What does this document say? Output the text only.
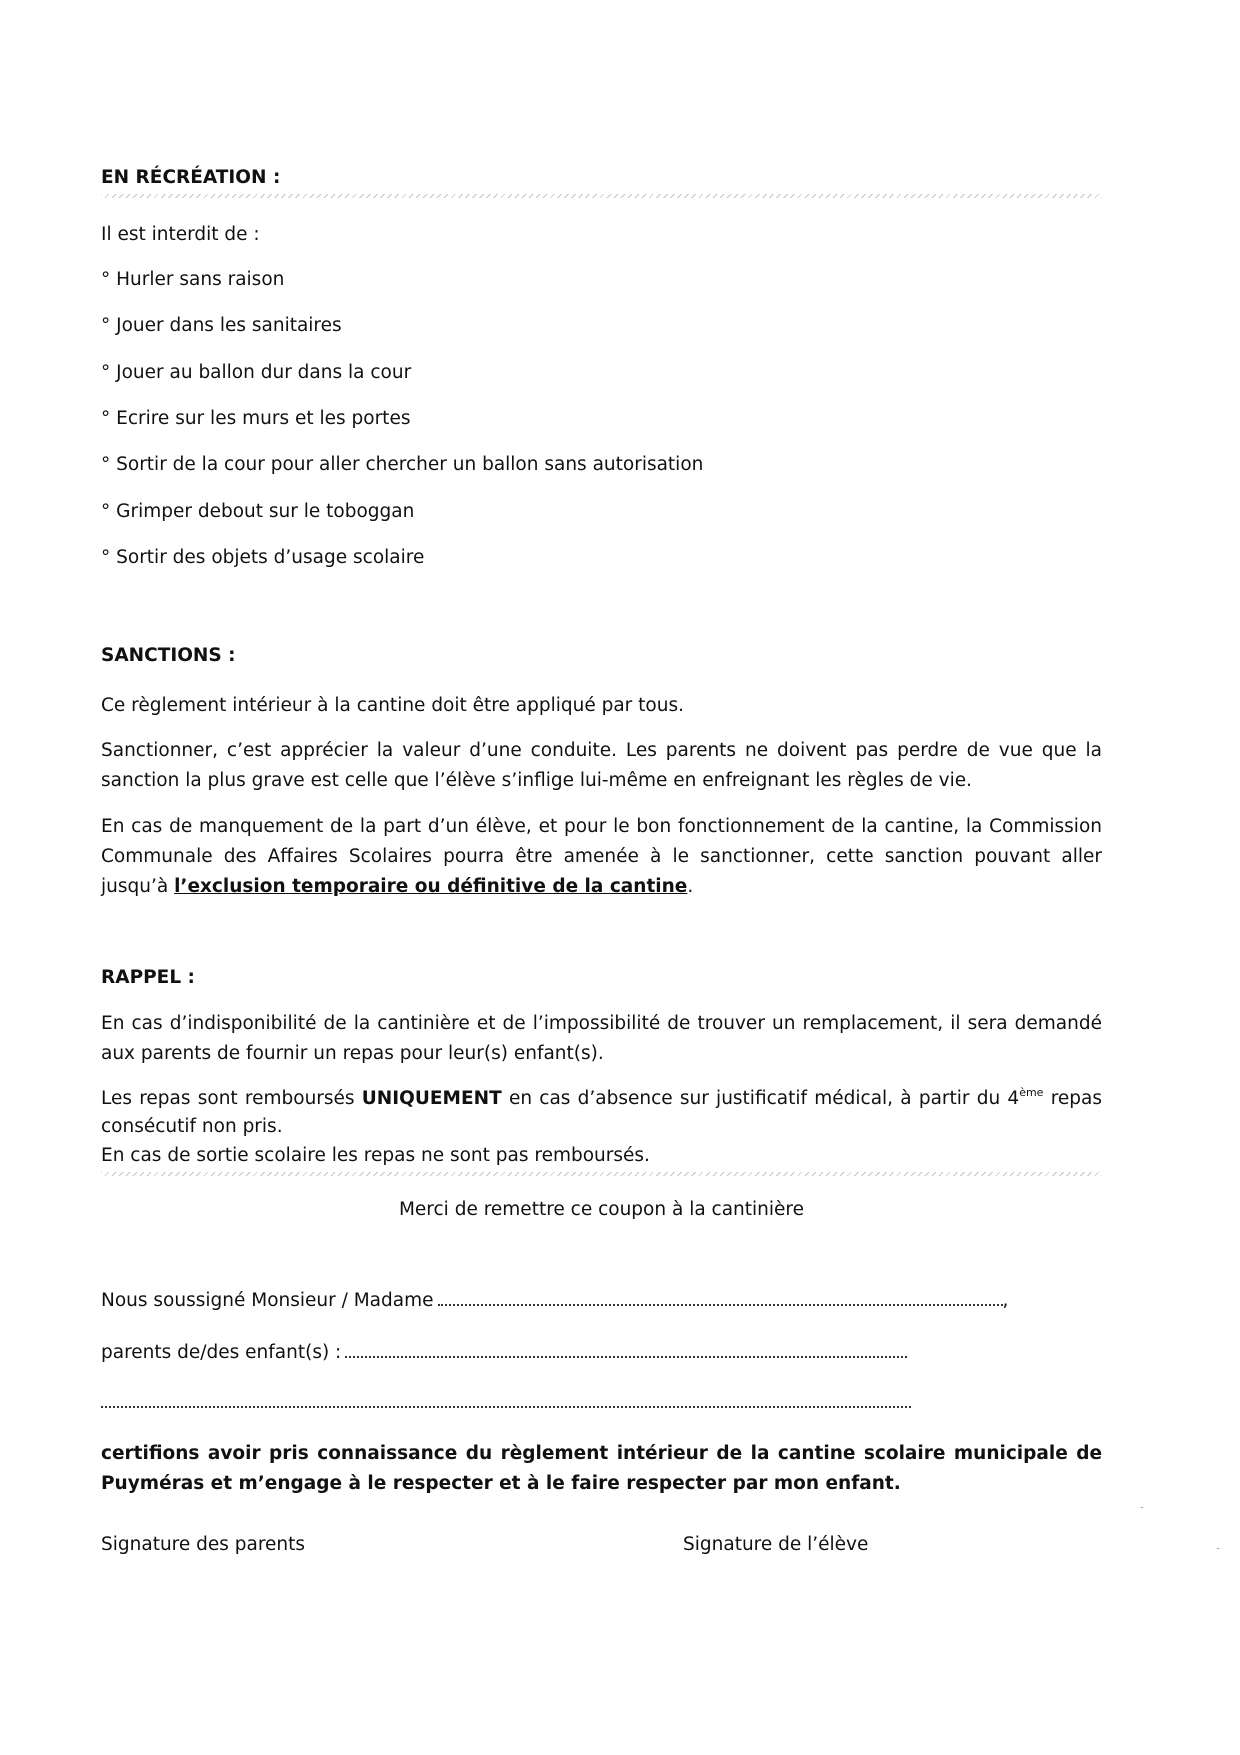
EN RÉCRÉATION :
Il est interdit de :
° Hurler sans raison
° Jouer dans les sanitaires
° Jouer au ballon dur dans la cour
° Ecrire sur les murs et les portes
° Sortir de la cour pour aller chercher un ballon sans autorisation
° Grimper debout sur le toboggan
° Sortir des objets d’usage scolaire
SANCTIONS :
Ce règlement intérieur à la cantine doit être appliqué par tous.
Sanctionner, c’est apprécier la valeur d’une conduite. Les parents ne doivent pas perdre de vue que la sanction la plus grave est celle que l’élève s’inflige lui-même en enfreignant les règles de vie.
En cas de manquement de la part d’un élève, et pour le bon fonctionnement de la cantine, la Commission Communale des Affaires Scolaires pourra être amenée à le sanctionner, cette sanction pouvant aller jusqu’à l’exclusion temporaire ou définitive de la cantine.
RAPPEL :
En cas d’indisponibilité de la cantinière et de l’impossibilité de trouver un remplacement, il sera demandé aux parents de fournir un repas pour leur(s) enfant(s).
Les repas sont remboursés UNIQUEMENT en cas d’absence sur justificatif médical, à partir du 4ème repas consécutif non pris.
En cas de sortie scolaire les repas ne sont pas remboursés.
Merci de remettre ce coupon à la cantinière
Nous soussigné Monsieur / Madame	,
parents de/des enfant(s) :
certifions avoir pris connaissance du règlement intérieur de la cantine scolaire municipale de Puyméras et m’engage à le respecter et à le faire respecter par mon enfant.
Signature des parents	Signature de l’élève
